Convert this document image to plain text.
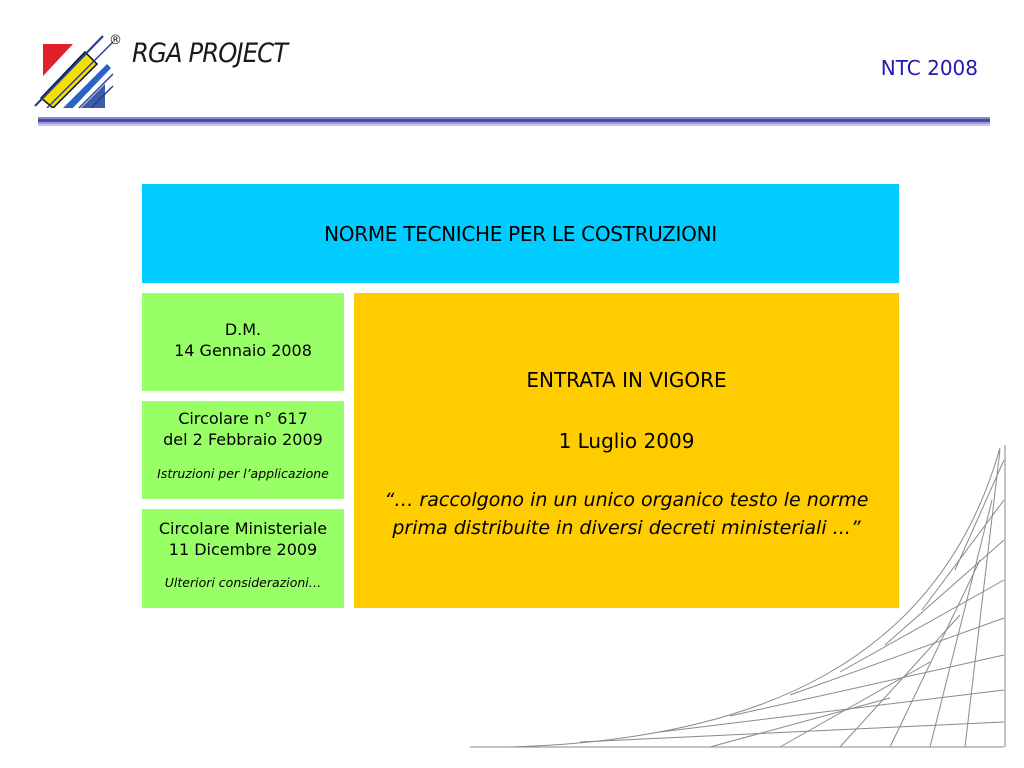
® RGA PROJECT	NTC 2008
NORME TECNICHE PER LE COSTRUZIONI
D.M.
14 Gennaio 2008
Circolare n° 617
del 2 Febbraio 2009
Istruzioni per l’applicazione
Circolare Ministeriale
11 Dicembre 2009
Ulteriori considerazioni…
ENTRATA IN VIGORE
1 Luglio 2009
“… raccolgono in un unico organico testo le norme
prima distribuite in diversi decreti ministeriali ...”
